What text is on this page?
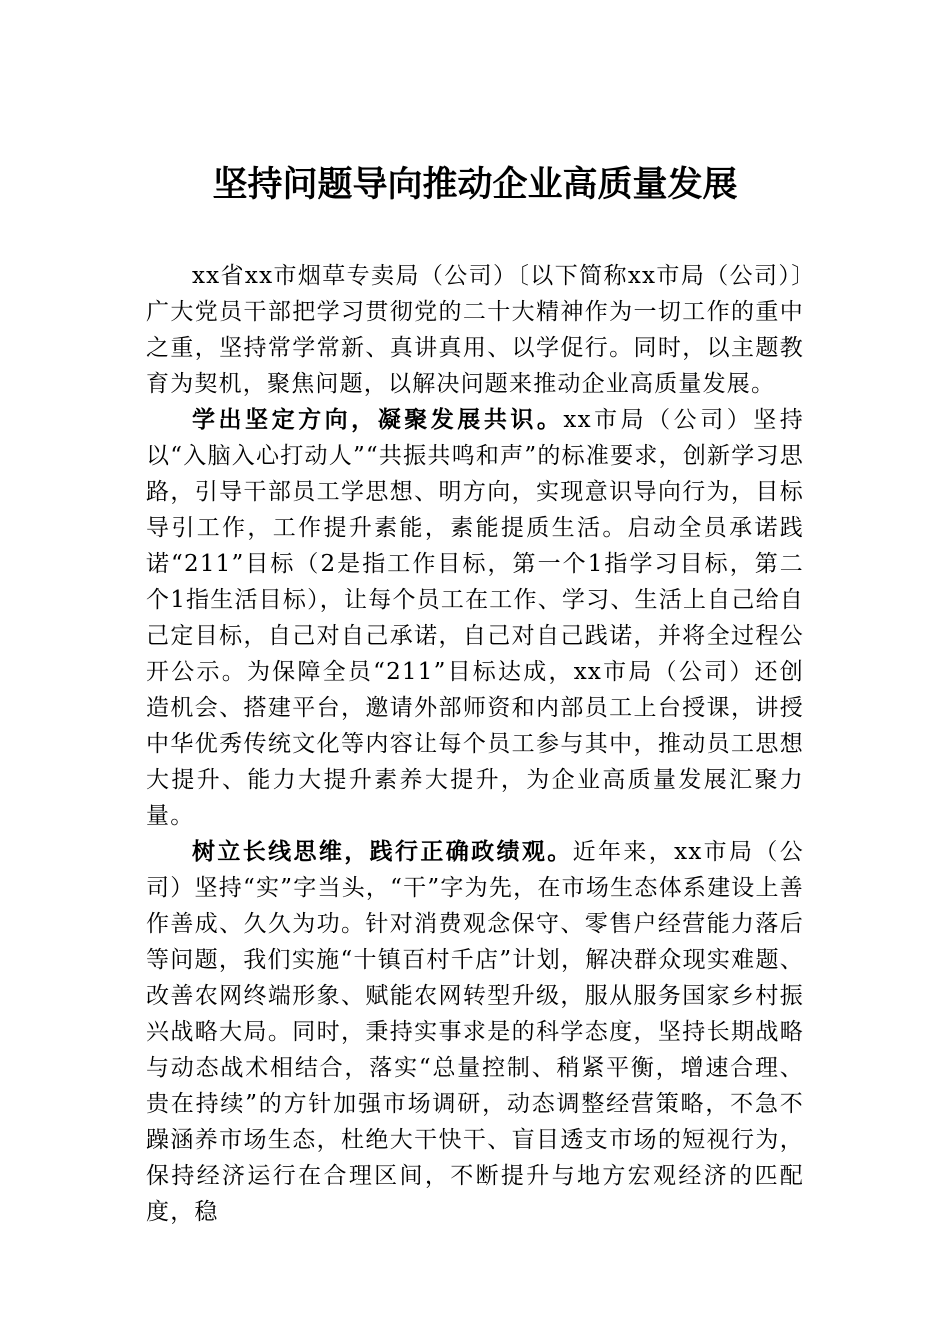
坚持问题导向推动企业高质量发展

xx省xx市烟草专卖局（公司）〔以下简称xx市局（公司）〕广大党员干部把学习贯彻党的二十大精神作为一切工作的重中之重，坚持常学常新、真讲真用、以学促行。同时，以主题教育为契机，聚焦问题，以解决问题来推动企业高质量发展。

学出坚定方向，凝聚发展共识。xx市局（公司）坚持以“入脑入心打动人”“共振共鸣和声”的标准要求，创新学习思路，引导干部员工学思想、明方向，实现意识导向行为，目标导引工作，工作提升素能，素能提质生活。启动全员承诺践诺“211”目标（2是指工作目标，第一个1指学习目标，第二个1指生活目标），让每个员工在工作、学习、生活上自己给自己定目标，自己对自己承诺，自己对自己践诺，并将全过程公开公示。为保障全员“211”目标达成，xx市局（公司）还创造机会、搭建平台，邀请外部师资和内部员工上台授课，讲授中华优秀传统文化等内容让每个员工参与其中，推动员工思想大提升、能力大提升素养大提升，为企业高质量发展汇聚力量。

树立长线思维，践行正确政绩观。近年来，xx市局（公司）坚持“实”字当头，“干”字为先，在市场生态体系建设上善作善成、久久为功。针对消费观念保守、零售户经营能力落后等问题，我们实施“十镇百村千店”计划，解决群众现实难题、改善农网终端形象、赋能农网转型升级，服从服务国家乡村振兴战略大局。同时，秉持实事求是的科学态度，坚持长期战略与动态战术相结合，落实“总量控制、稍紧平衡，增速合理、贵在持续”的方针加强市场调研，动态调整经营策略，不急不躁涵养市场生态，杜绝大干快干、盲目透支市场的短视行为，保持经济运行在合理区间，不断提升与地方宏观经济的匹配度，稳
